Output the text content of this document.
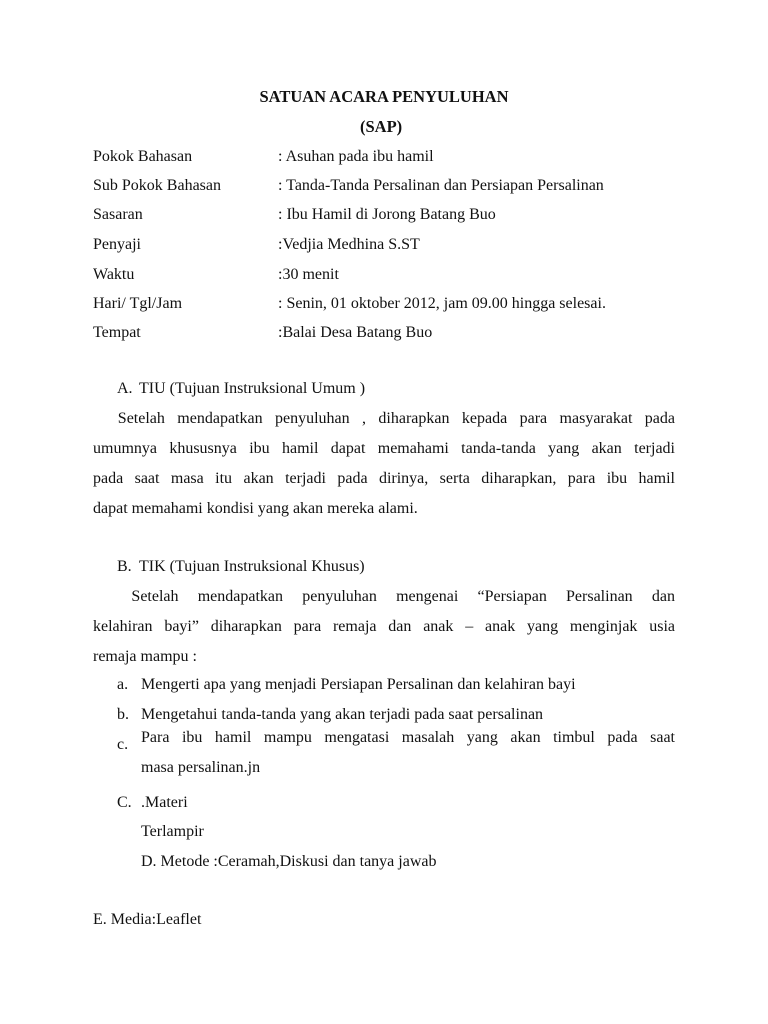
SATUAN ACARA PENYULUHAN
(SAP)
Pokok Bahasan	: Asuhan pada ibu hamil
Sub Pokok Bahasan	: Tanda-Tanda Persalinan dan Persiapan Persalinan
Sasaran	: Ibu Hamil di Jorong Batang Buo
Penyaji	:Vedjia Medhina S.ST
Waktu	:30 menit
Hari/ Tgl/Jam	: Senin, 01 oktober 2012, jam 09.00 hingga selesai.
Tempat	:Balai Desa Batang Buo
A. TIU (Tujuan Instruksional Umum )
Setelah mendapatkan penyuluhan , diharapkan kepada para masyarakat pada
umumnya khususnya ibu hamil dapat memahami tanda-tanda yang akan terjadi
pada saat masa itu akan terjadi pada dirinya, serta diharapkan, para ibu hamil
dapat memahami kondisi yang akan mereka alami.
B. TIK (Tujuan Instruksional Khusus)
Setelah mendapatkan penyuluhan mengenai “Persiapan Persalinan dan
kelahiran bayi” diharapkan para remaja dan anak – anak yang menginjak usia
remaja mampu :
a. Mengerti apa yang menjadi Persiapan Persalinan dan kelahiran bayi
b. Mengetahui tanda-tanda yang akan terjadi pada saat persalinan
c. Para ibu hamil mampu mengatasi masalah yang akan timbul pada saat
masa persalinan.jn
C. .Materi
Terlampir
D. Metode :Ceramah,Diskusi dan tanya jawab
E. Media:Leaflet
